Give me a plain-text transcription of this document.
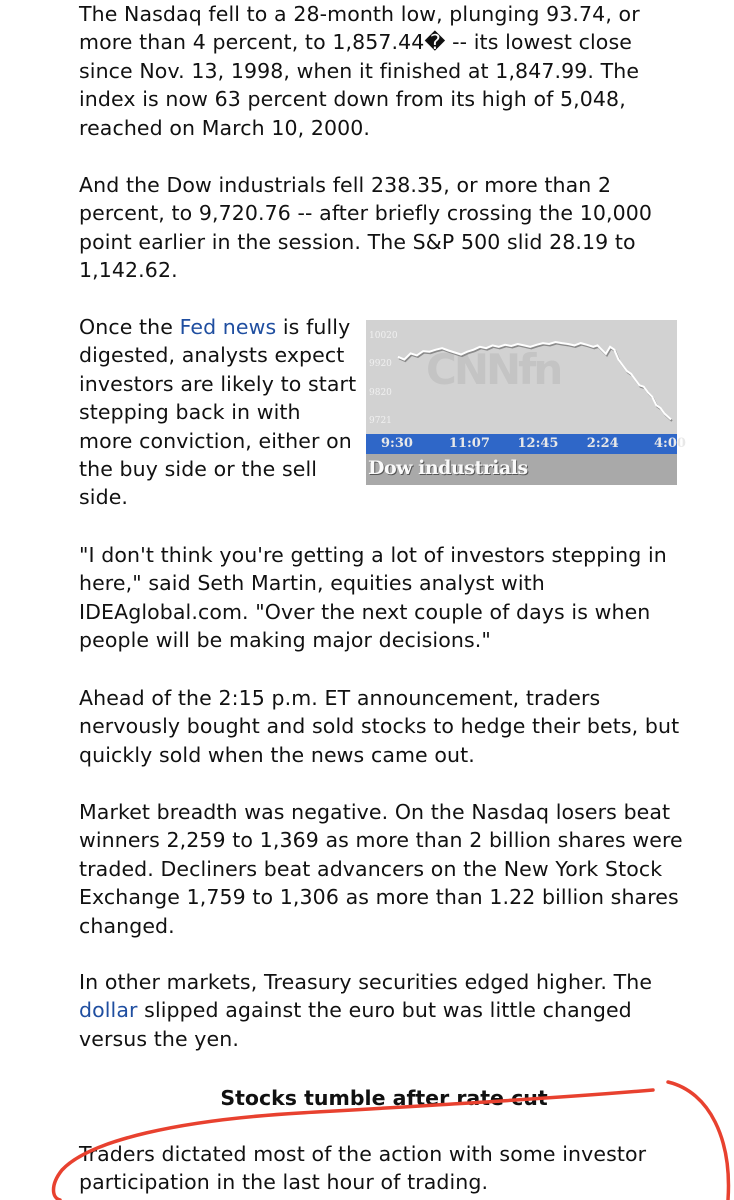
The Nasdaq fell to a 28-month low, plunging 93.74, or more than 4 percent, to 1,857.44� -- its lowest close since Nov. 13, 1998, when it finished at 1,847.99. The index is now 63 percent down from its high of 5,048, reached on March 10, 2000.

And the Dow industrials fell 238.35, or more than 2 percent, to 9,720.76 -- after briefly crossing the 10,000 point earlier in the session. The S&P 500 slid 28.19 to 1,142.62.

Once the Fed news is fully digested, analysts expect investors are likely to start stepping back in with more conviction, either on the buy side or the sell side.

"I don't think you're getting a lot of investors stepping in here," said Seth Martin, equities analyst with IDEAglobal.com. "Over the next couple of days is when people will be making major decisions."

Ahead of the 2:15 p.m. ET announcement, traders nervously bought and sold stocks to hedge their bets, but quickly sold when the news came out.

Market breadth was negative. On the Nasdaq losers beat winners 2,259 to 1,369 as more than 2 billion shares were traded. Decliners beat advancers on the New York Stock Exchange 1,759 to 1,306 as more than 1.22 billion shares changed.

In other markets, Treasury securities edged higher. The dollar slipped against the euro but was little changed versus the yen.

Stocks tumble after rate cut

Traders dictated most of the action with some investor participation in the last hour of trading.

CNNfn
10020
9920
9820
9721
9:30	11:07 12:45 2:24	4:00
Dow industrials
